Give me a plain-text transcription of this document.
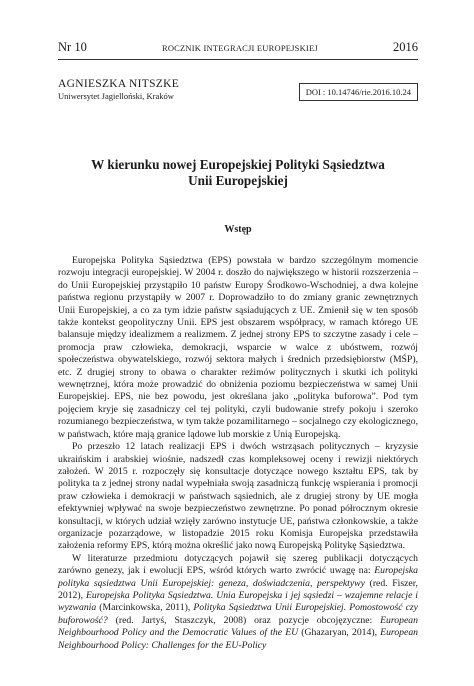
Nr 10	ROCZNIK INTEGRACJI EUROPEJSKIEJ	2016
AGNIESZKA NITSZKE
Uniwersytet Jagielloński, Kraków	DOI : 10.14746/rie.2016.10.24
W kierunku nowej Europejskiej Polityki Sąsiedztwa
Unii Europejskiej
Wstęp

Europejska Polityka Sąsiedztwa (EPS) powstała w bardzo szczególnym momencie rozwoju integracji europejskiej. W 2004 r. doszło do największego w historii rozszerzenia – do Unii Europejskiej przystąpiło 10 państw Europy Środkowo-Wschodniej, a dwa kolejne państwa regionu przystąpiły w 2007 r. Doprowadziło to do zmiany granic zewnętrznych Unii Europejskiej, a co za tym idzie państw sąsiadujących z UE. Zmienił się w ten sposób także kontekst geopolityczny Unii. EPS jest obszarem współpracy, w ramach którego UE balansuje między idealizmem a realizmem. Z jednej strony EPS to szczytne zasady i cele – promocja praw człowieka, demokracji, wsparcie w walce z ubóstwem, rozwój społeczeństwa obywatelskiego, rozwój sektora małych i średnich przedsiębiorstw (MŚP), etc. Z drugiej strony to obawa o charakter reżimów politycznych i skutki ich polityki wewnętrznej, która może prowadzić do obniżenia poziomu bezpieczeństwa w samej Unii Europejskiej. EPS, nie bez powodu, jest określana jako „polityka buforowa”. Pod tym pojęciem kryje się zasadniczy cel tej polityki, czyli budowanie strefy pokoju i szeroko rozumianego bezpieczeństwa, w tym także pozamilitarnego – socjalnego czy ekologicznego, w państwach, które mają granice lądowe lub morskie z Unią Europejską.

Po przeszło 12 latach realizacji EPS i dwóch wstrząsach politycznych – kryzysie ukraińskim i arabskiej wiośnie, nadszedł czas kompleksowej oceny i rewizji niektórych założeń. W 2015 r. rozpoczęły się konsultacje dotyczące nowego kształtu EPS, tak by polityka ta z jednej strony nadal wypełniała swoją zasadniczą funkcję wspierania i promocji praw człowieka i demokracji w państwach sąsiednich, ale z drugiej strony by UE mogła efektywniej wpływać na swoje bezpieczeństwo zewnętrzne. Po ponad półrocznym okresie konsultacji, w których udział wzięły zarówno instytucje UE, państwa członkowskie, a także organizacje pozarządowe, w listopadzie 2015 roku Komisja Europejska przedstawiła założenia reformy EPS, którą można określić jako nową Europejską Politykę Sąsiedztwa.

W literaturze przedmiotu dotyczących pojawił się szereg publikacji dotyczących zarówno genezy, jak i ewolucji EPS, wśród których warto zwrócić uwagę na: Europejska polityka sąsiedztwa Unii Europejskiej: geneza, doświadczenia, perspektywy (red. Fiszer, 2012), Europejska Polityka Sąsiedztwa. Unia Europejska i jej sąsiedzi – wzajemne relacje i wyzwania (Marcinkowska, 2011), Polityka Sąsiedztwa Unii Europejskiej. Pomostowość czy buforowość? (red. Jartyś, Staszczyk, 2008) oraz pozycje obcojęzyczne: European Neighbourhood Policy and the Democratic Values of the EU (Ghazaryan, 2014), European Neighbourhood Policy: Challenges for the EU-Policy
